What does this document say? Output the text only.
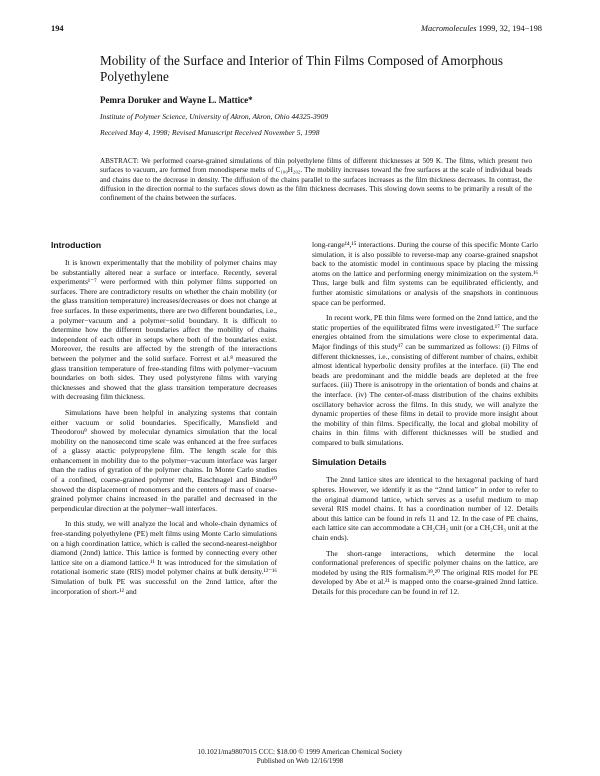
194	Macromolecules 1999, 32, 194−198
Mobility of the Surface and Interior of Thin Films Composed of Amorphous Polyethylene
Pemra Doruker and Wayne L. Mattice*
Institute of Polymer Science, University of Akron, Akron, Ohio 44325-3909
Received May 4, 1998; Revised Manuscript Received November 5, 1998
ABSTRACT: We performed coarse-grained simulations of thin polyethylene films of different thicknesses at 509 K. The films, which present two surfaces to vacuum, are formed from monodisperse melts of C₁₀₀H₂₀₂. The mobility increases toward the free surfaces at the scale of individual beads and chains due to the decrease in density. The diffusion of the chains parallel to the surfaces increases as the film thickness decreases. In contrast, the diffusion in the direction normal to the surfaces slows down as the film thickness decreases. This slowing down seems to be primarily a result of the confinement of the chains between the surfaces.
Introduction

It is known experimentally that the mobility of polymer chains may be substantially altered near a surface or interface. Recently, several experiments¹⁻⁷ were performed with thin polymer films supported on surfaces. There are contradictory results on whether the chain mobility (or the glass transition temperature) increases/decreases or does not change at free surfaces. In these experiments, there are two different boundaries, i.e., a polymer−vacuum and a polymer−solid boundary. It is difficult to determine how the different boundaries affect the mobility of chains independent of each other in setups where both of the boundaries exist. Moreover, the results are affected by the strength of the interactions between the polymer and the solid surface. Forrest et al.⁸ measured the glass transition temperature of free-standing films with polymer−vacuum boundaries on both sides. They used polystyrene films with varying thicknesses and showed that the glass transition temperature decreases with decreasing film thickness.

Simulations have been helpful in analyzing systems that contain either vacuum or solid boundaries. Specifically, Mansfield and Theodorou⁹ showed by molecular dynamics simulation that the local mobility on the nanosecond time scale was enhanced at the free surfaces of a glassy atactic polypropylene film. The length scale for this enhancement in mobility due to the polymer−vacuum interface was larger than the radius of gyration of the polymer chains. In Monte Carlo studies of a confined, coarse-grained polymer melt, Baschnagel and Binder¹⁰ showed the displacement of monomers and the centers of mass of coarse-grained polymer chains increased in the parallel and decreased in the perpendicular direction at the polymer−wall interfaces.

In this study, we will analyze the local and whole-chain dynamics of free-standing polyethylene (PE) melt films using Monte Carlo simulations on a high coordination lattice, which is called the second-nearest-neighbor diamond (2nnd) lattice. This lattice is formed by connecting every other lattice site on a diamond lattice.¹¹ It was introduced for the simulation of rotational isomeric state (RIS) model polymer chains at bulk density.¹²⁻¹⁶ Simulation of bulk PE was successful on the 2nnd lattice, after the incorporation of short-¹² and

long-range¹⁴,¹⁵ interactions. During the course of this specific Monte Carlo simulation, it is also possible to reverse-map any coarse-grained snapshot back to the atomistic model in continuous space by placing the missing atoms on the lattice and performing energy minimization on the system.¹⁶ Thus, large bulk and film systems can be equilibrated efficiently, and further atomistic simulations or analysis of the snapshots in continuous space can be performed.

In recent work, PE thin films were formed on the 2nnd lattice, and the static properties of the equilibrated films were investigated.¹⁷ The surface energies obtained from the simulations were close to experimental data. Major findings of this study¹⁷ can be summarized as follows: (i) Films of different thicknesses, i.e., consisting of different number of chains, exhibit almost identical hyperbolic density profiles at the interface. (ii) The end beads are predominant and the middle beads are depleted at the free surfaces. (iii) There is anisotropy in the orientation of bonds and chains at the interface. (iv) The center-of-mass distribution of the chains exhibits oscillatory behavior across the films. In this study, we will analyze the dynamic properties of these films in detail to provide more insight about the mobility of thin films. Specifically, the local and global mobility of chains in thin films with different thicknesses will be studied and compared to bulk simulations.

Simulation Details

The 2nnd lattice sites are identical to the hexagonal packing of hard spheres. However, we identify it as the “2nnd lattice” in order to refer to the original diamond lattice, which serves as a useful medium to map several RIS model chains. It has a coordination number of 12. Details about this lattice can be found in refs 11 and 12. In the case of PE chains, each lattice site can accommodate a CH₂CH₂ unit (or a CH₂CH₃ unit at the chain ends).

The short-range interactions, which determine the local conformational preferences of specific polymer chains on the lattice, are modeled by using the RIS formalism.¹⁹,²⁰ The original RIS model for PE developed by Abe et al.²¹ is mapped onto the coarse-grained 2nnd lattice. Details for this procedure can be found in ref 12.

10.1021/ma9807015 CCC: $18.00 © 1999 American Chemical Society
Published on Web 12/16/1998
